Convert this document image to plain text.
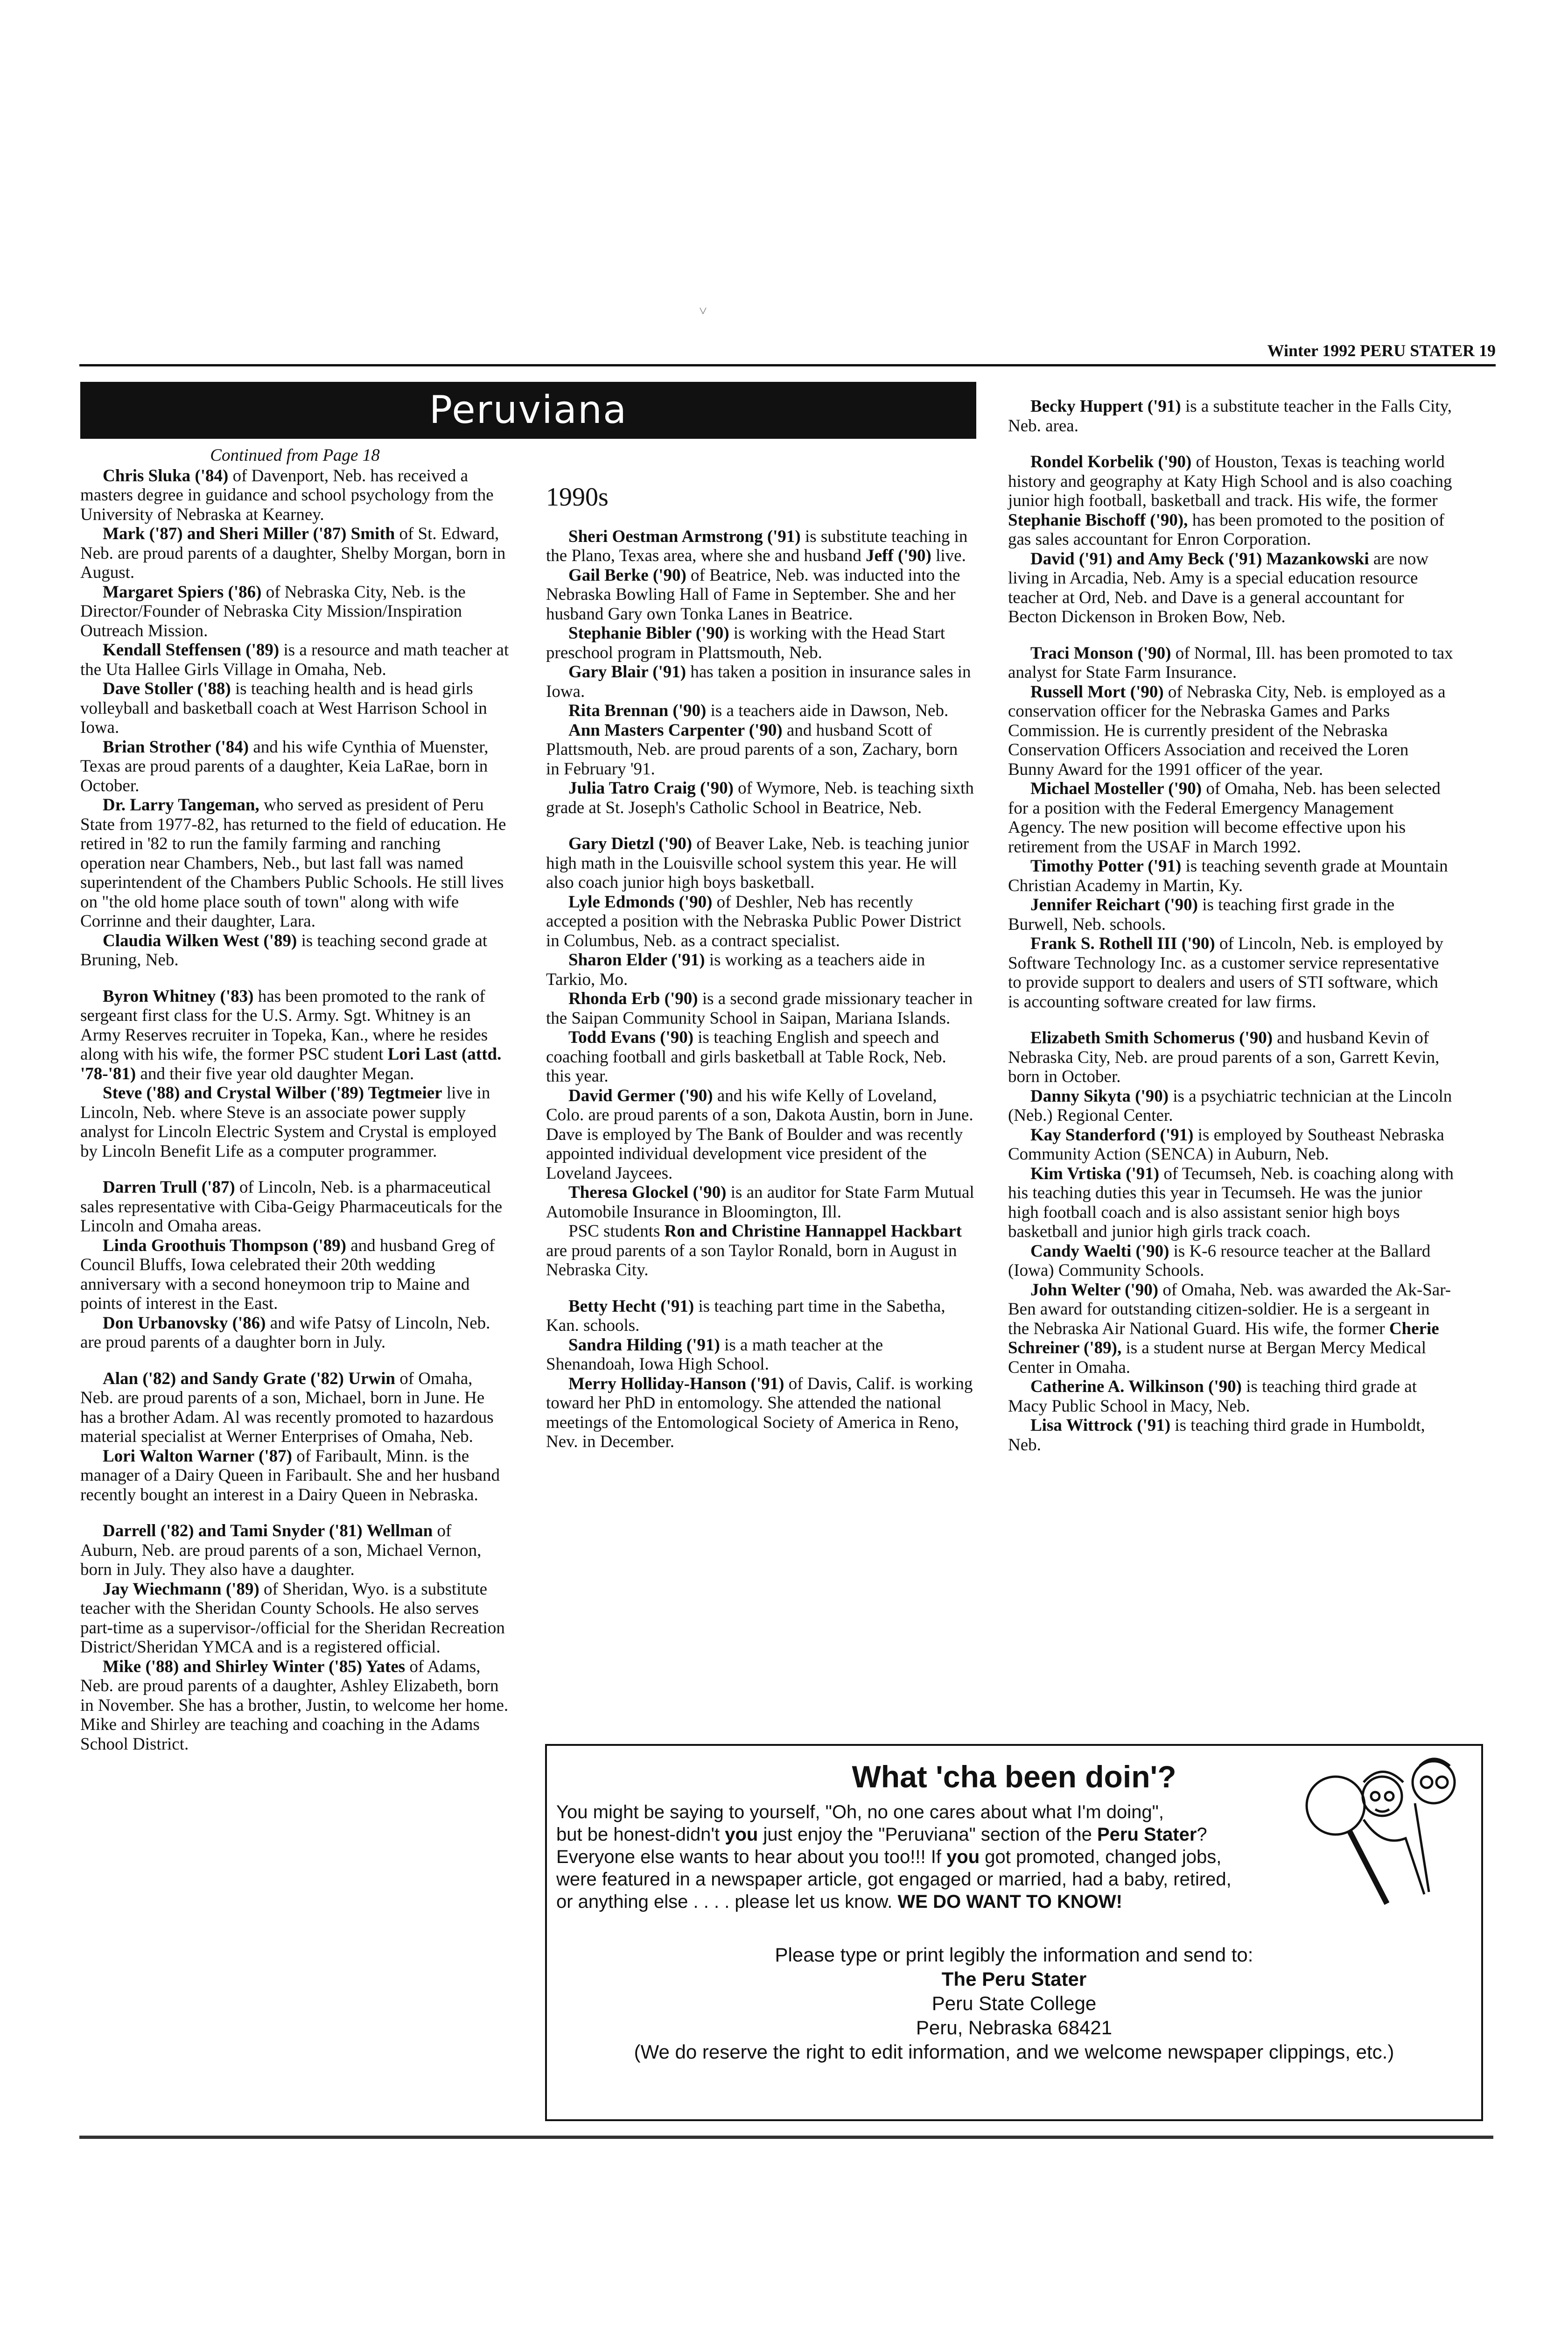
˅
Winter 1992 PERU STATER 19
Peruviana

Continued from Page 18

Chris Sluka ('84) of Davenport, Neb. has received a masters degree in guidance and school psychology from the University of Nebraska at Kearney.

Mark ('87) and Sheri Miller ('87) Smith of St. Edward, Neb. are proud parents of a daughter, Shelby Morgan, born in August.

Margaret Spiers ('86) of Nebraska City, Neb. is the Director/Founder of Nebraska City Mission/Inspiration Outreach Mission.

Kendall Steffensen ('89) is a resource and math teacher at the Uta Hallee Girls Village in Omaha, Neb.

Dave Stoller ('88) is teaching health and is head girls volleyball and basketball coach at West Harrison School in Iowa.

Brian Strother ('84) and his wife Cynthia of Muenster, Texas are proud parents of a daughter, Keia LaRae, born in October.

Dr. Larry Tangeman, who served as president of Peru State from 1977-82, has returned to the field of education. He retired in '82 to run the family farming and ranching operation near Chambers, Neb., but last fall was named superintendent of the Chambers Public Schools. He still lives on "the old home place south of town" along with wife Corrinne and their daughter, Lara.

Claudia Wilken West ('89) is teaching second grade at Bruning, Neb.

Byron Whitney ('83) has been promoted to the rank of sergeant first class for the U.S. Army. Sgt. Whitney is an Army Reserves recruiter in Topeka, Kan., where he resides along with his wife, the former PSC student Lori Last (attd. '78-'81) and their five year old daughter Megan.

Steve ('88) and Crystal Wilber ('89) Tegtmeier live in Lincoln, Neb. where Steve is an associate power supply analyst for Lincoln Electric System and Crystal is employed by Lincoln Benefit Life as a computer programmer.

Darren Trull ('87) of Lincoln, Neb. is a pharmaceutical sales representative with Ciba-Geigy Pharmaceuticals for the Lincoln and Omaha areas.

Linda Groothuis Thompson ('89) and husband Greg of Council Bluffs, Iowa celebrated their 20th wedding anniversary with a second honeymoon trip to Maine and points of interest in the East.

Don Urbanovsky ('86) and wife Patsy of Lincoln, Neb. are proud parents of a daughter born in July.

Alan ('82) and Sandy Grate ('82) Urwin of Omaha, Neb. are proud parents of a son, Michael, born in June. He has a brother Adam. Al was recently promoted to hazardous material specialist at Werner Enterprises of Omaha, Neb.

Lori Walton Warner ('87) of Faribault, Minn. is the manager of a Dairy Queen in Faribault. She and her husband recently bought an interest in a Dairy Queen in Nebraska.

Darrell ('82) and Tami Snyder ('81) Wellman of Auburn, Neb. are proud parents of a son, Michael Vernon, born in July. They also have a daughter.

Jay Wiechmann ('89) of Sheridan, Wyo. is a substitute teacher with the Sheridan County Schools. He also serves part-time as a supervisor-/official for the Sheridan Recreation District/Sheridan YMCA and is a registered official.

Mike ('88) and Shirley Winter ('85) Yates of Adams, Neb. are proud parents of a daughter, Ashley Elizabeth, born in November. She has a brother, Justin, to welcome her home. Mike and Shirley are teaching and coaching in the Adams School District.

1990s

Sheri Oestman Armstrong ('91) is substitute teaching in the Plano, Texas area, where she and husband Jeff ('90) live.

Gail Berke ('90) of Beatrice, Neb. was inducted into the Nebraska Bowling Hall of Fame in September. She and her husband Gary own Tonka Lanes in Beatrice.

Stephanie Bibler ('90) is working with the Head Start preschool program in Plattsmouth, Neb.

Gary Blair ('91) has taken a position in insurance sales in Iowa.

Rita Brennan ('90) is a teachers aide in Dawson, Neb.

Ann Masters Carpenter ('90) and husband Scott of Plattsmouth, Neb. are proud parents of a son, Zachary, born in February '91.

Julia Tatro Craig ('90) of Wymore, Neb. is teaching sixth grade at St. Joseph's Catholic School in Beatrice, Neb.

Gary Dietzl ('90) of Beaver Lake, Neb. is teaching junior high math in the Louisville school system this year. He will also coach junior high boys basketball.

Lyle Edmonds ('90) of Deshler, Neb has recently accepted a position with the Nebraska Public Power District in Columbus, Neb. as a contract specialist.

Sharon Elder ('91) is working as a teachers aide in Tarkio, Mo.

Rhonda Erb ('90) is a second grade missionary teacher in the Saipan Community School in Saipan, Mariana Islands.

Todd Evans ('90) is teaching English and speech and coaching football and girls basketball at Table Rock, Neb. this year.

David Germer ('90) and his wife Kelly of Loveland, Colo. are proud parents of a son, Dakota Austin, born in June. Dave is employed by The Bank of Boulder and was recently appointed individual development vice president of the Loveland Jaycees.

Theresa Glockel ('90) is an auditor for State Farm Mutual Automobile Insurance in Bloomington, Ill.

PSC students Ron and Christine Hannappel Hackbart are proud parents of a son Taylor Ronald, born in August in Nebraska City.

Betty Hecht ('91) is teaching part time in the Sabetha, Kan. schools.

Sandra Hilding ('91) is a math teacher at the Shenandoah, Iowa High School.

Merry Holliday-Hanson ('91) of Davis, Calif. is working toward her PhD in entomology. She attended the national meetings of the Entomological Society of America in Reno, Nev. in December.

Becky Huppert ('91) is a substitute teacher in the Falls City, Neb. area.

Rondel Korbelik ('90) of Houston, Texas is teaching world history and geography at Katy High School and is also coaching junior high football, basketball and track. His wife, the former Stephanie Bischoff ('90), has been promoted to the position of gas sales accountant for Enron Corporation.

David ('91) and Amy Beck ('91) Mazankowski are now living in Arcadia, Neb. Amy is a special education resource teacher at Ord, Neb. and Dave is a general accountant for Becton Dickenson in Broken Bow, Neb.

Traci Monson ('90) of Normal, Ill. has been promoted to tax analyst for State Farm Insurance.

Russell Mort ('90) of Nebraska City, Neb. is employed as a conservation officer for the Nebraska Games and Parks Commission. He is currently president of the Nebraska Conservation Officers Association and received the Loren Bunny Award for the 1991 officer of the year.

Michael Mosteller ('90) of Omaha, Neb. has been selected for a position with the Federal Emergency Management Agency. The new position will become effective upon his retirement from the USAF in March 1992.

Timothy Potter ('91) is teaching seventh grade at Mountain Christian Academy in Martin, Ky.

Jennifer Reichart ('90) is teaching first grade in the Burwell, Neb. schools.

Frank S. Rothell III ('90) of Lincoln, Neb. is employed by Software Technology Inc. as a customer service representative to provide support to dealers and users of STI software, which is accounting software created for law firms.

Elizabeth Smith Schomerus ('90) and husband Kevin of Nebraska City, Neb. are proud parents of a son, Garrett Kevin, born in October.

Danny Sikyta ('90) is a psychiatric technician at the Lincoln (Neb.) Regional Center.

Kay Standerford ('91) is employed by Southeast Nebraska Community Action (SENCA) in Auburn, Neb.

Kim Vrtiska ('91) of Tecumseh, Neb. is coaching along with his teaching duties this year in Tecumseh. He was the junior high football coach and is also assistant senior high boys basketball and junior high girls track coach.

Candy Waelti ('90) is K-6 resource teacher at the Ballard (Iowa) Community Schools.

John Welter ('90) of Omaha, Neb. was awarded the Ak-Sar-Ben award for outstanding citizen-soldier. He is a sergeant in the Nebraska Air National Guard. His wife, the former Cherie Schreiner ('89), is a student nurse at Bergan Mercy Medical Center in Omaha.

Catherine A. Wilkinson ('90) is teaching third grade at Macy Public School in Macy, Neb.

Lisa Wittrock ('91) is teaching third grade in Humboldt, Neb.

What 'cha been doin'?
You might be saying to yourself, "Oh, no one cares about what I'm doing",
but be honest-didn't you just enjoy the "Peruviana" section of the Peru Stater?
Everyone else wants to hear about you too!!! If you got promoted, changed jobs,
were featured in a newspaper article, got engaged or married, had a baby, retired,
or anything else . . . . please let us know. WE DO WANT TO KNOW!
Please type or print legibly the information and send to:
The Peru Stater
Peru State College
Peru, Nebraska 68421
(We do reserve the right to edit information, and we welcome newspaper clippings, etc.)
